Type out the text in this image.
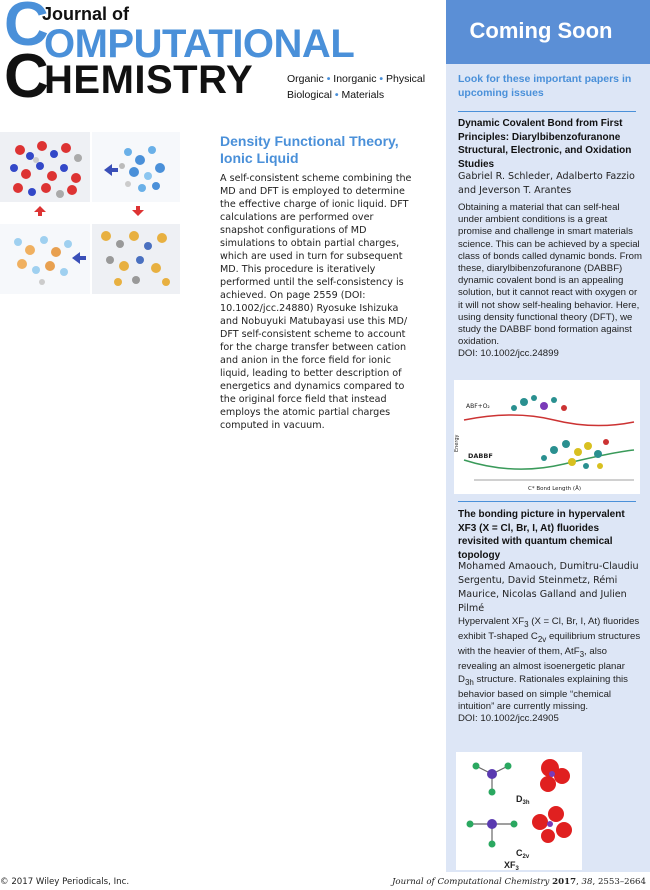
C
C
Journal of
OMPUTATIONAL
HEMISTRY	Organic • Inorganic • Physical
Biological • Materials
Density Functional Theory, Ionic Liquid
A self-consistent scheme combining the MD and DFT is employed to determine the effective charge of ionic liquid. DFT calculations are performed over snapshot configurations of MD simulations to obtain partial charges, which are used in turn for subsequent MD. This procedure is iteratively performed until the self-consistency is achieved. On page 2559 (DOI: 10.1002/jcc.24880) Ryosuke Ishizuka and Nobuyuki Matubayasi use this MD/ DFT self-consistent scheme to account for the charge transfer between cation and anion in the force field for ionic liquid, leading to better description of energetics and dynamics compared to the original force field that instead employs the atomic partial charges computed in vacuum.
Coming Soon
Look for these important papers in upcoming issues
Dynamic Covalent Bond from First Principles: Diarylbibenzofuranone Structural, Electronic, and Oxidation Studies
Gabriel R. Schleder, Adalberto Fazzio and Jeverson T. Arantes
Obtaining a material that can self-heal under ambient conditions is a great promise and challenge in smart materials science. This can be achieved by a special class of bonds called dynamic bonds. From these, diarylbibenzofuranone (DABBF) dynamic covalent bond is an appealing solution, but it cannot react with oxygen or it will not show self-healing behavior. Here, using density functional theory (DFT), we study the DABBF bond formation against oxidation.
DOI: 10.1002/jcc.24899
ABF+O₂
Energy
DABBF
C* Bond Length (Å)
The bonding picture in hypervalent XF3 (X = Cl, Br, I, At) fluorides revisited with quantum chemical topology
Mohamed Amaouch, Dumitru-Claudiu Sergentu, David Steinmetz, Rémi Maurice, Nicolas Galland and Julien Pilmé
Hypervalent $XF_3$ (X = Cl, Br, I, At) fluorides exhibit T-shaped $C_{2v}$ equilibrium structures with the heavier of them, AtF$_3$, also revealing an almost isoenergetic planar $D_{3h}$ structure. Rationales explaining this behavior based on simple “chemical intuition” are currently missing.
DOI: 10.1002/jcc.24905
$D_{3h}$
$C_{2v}$
$XF_3$
© 2017 Wiley Periodicals, Inc.	Journal of Computational Chemistry 2017, 38, 2553–2664
